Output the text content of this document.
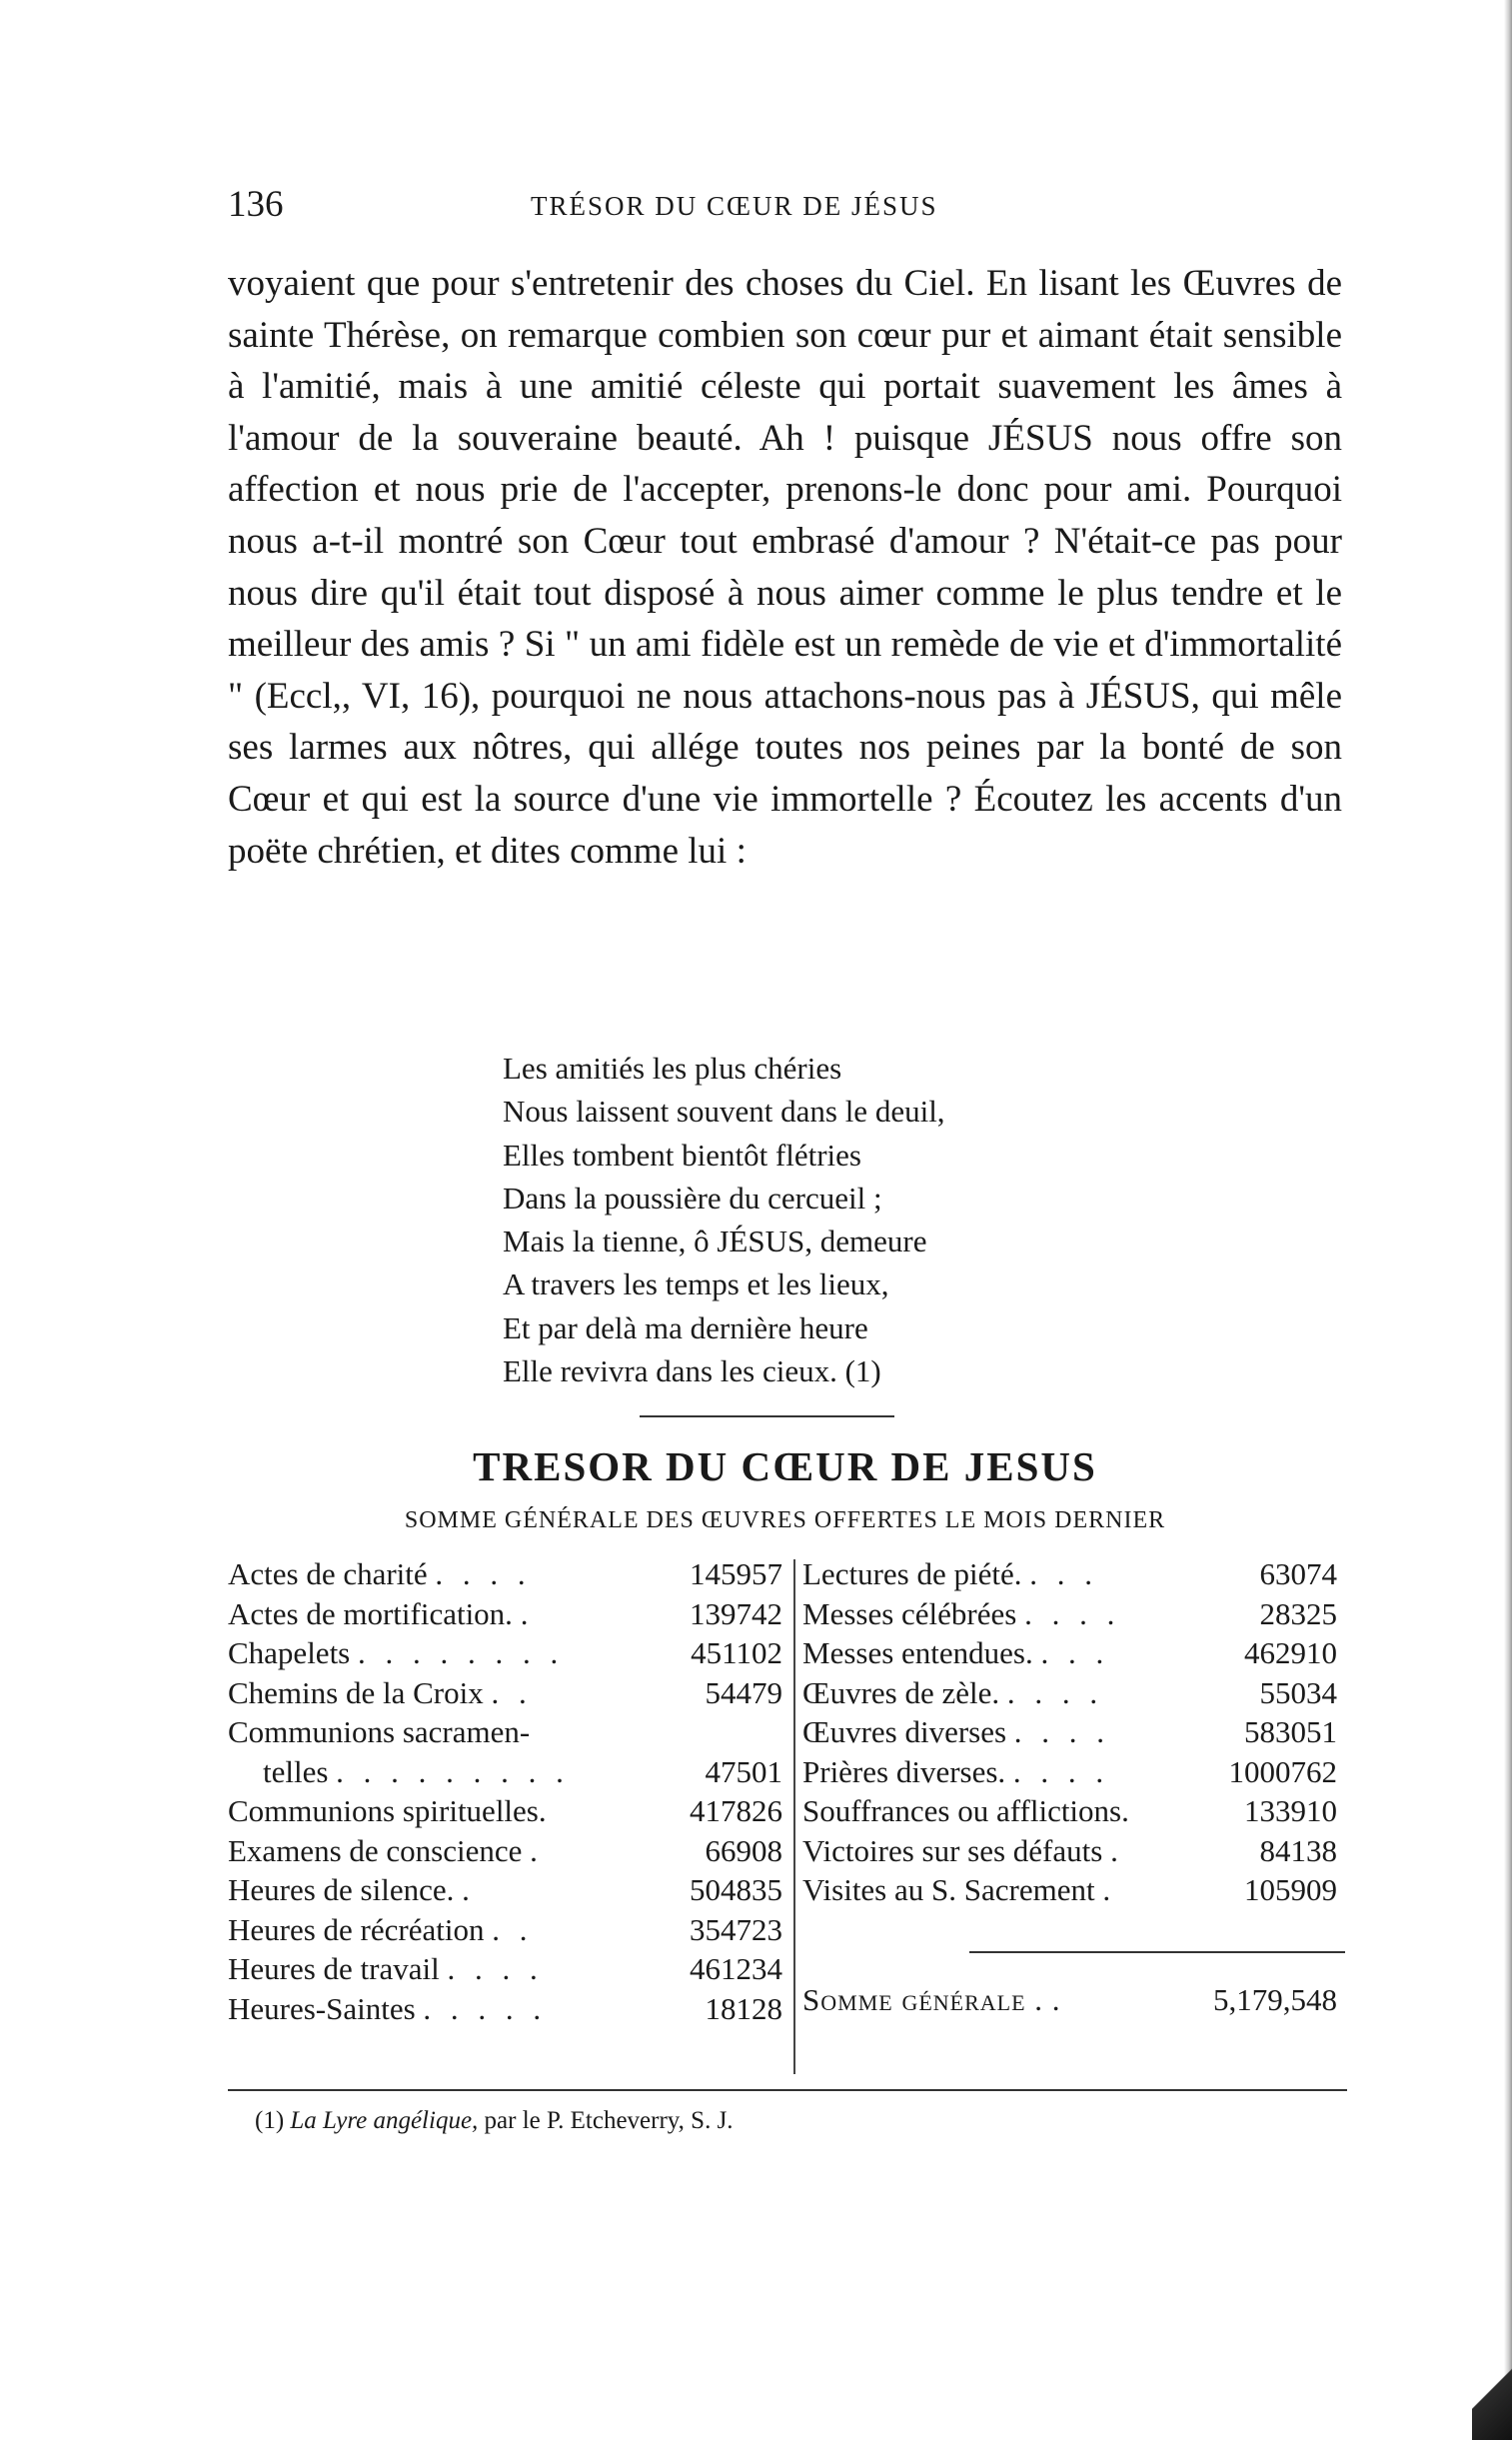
136	TRÉSOR DU CŒUR DE JÉSUS

voyaient que pour s'entretenir des choses du Ciel. En lisant les Œuvres de sainte Thérèse, on remarque combien son cœur pur et aimant était sensible à l'amitié, mais à une amitié céleste qui portait suavement les âmes à l'amour de la souveraine beauté. Ah ! puisque JÉSUS nous offre son affection et nous prie de l'accepter, prenons-le donc pour ami. Pourquoi nous a-t-il montré son Cœur tout embrasé d'amour ? N'était-ce pas pour nous dire qu'il était tout disposé à nous aimer comme le plus tendre et le meilleur des amis ? Si " un ami fidèle est un remède de vie et d'immortalité " (Eccl,, VI, 16), pourquoi ne nous attachons-nous pas à JÉSUS, qui mêle ses larmes aux nôtres, qui allége toutes nos peines par la bonté de son Cœur et qui est la source d'une vie immortelle ? Écoutez les accents d'un poëte chrétien, et dites comme lui :

Les amitiés les plus chéries
Nous laissent souvent dans le deuil,
Elles tombent bientôt flétries
Dans la poussière du cercueil ;
Mais la tienne, ô JÉSUS, demeure
A travers les temps et les lieux,
Et par delà ma dernière heure
Elle revivra dans les cieux. (1)
TRESOR DU CŒUR DE JESUS
SOMME GÉNÉRALE DES ŒUVRES OFFERTES LE MOIS DERNIER
Actes de charité . . . .	145957
Actes de mortification. .	139742
Chapelets . . . . . . . .	451102
Chemins de la Croix . .	54479
Communions sacramen-
telles . . . . . . . . .	47501
Communions spirituelles.	417826
Examens de conscience .	66908
Heures de silence. .	504835
Heures de récréation . .	354723
Heures de travail . . . .	461234
Heures-Saintes . . . . .	18128
Lectures de piété. . . .	63074
Messes célébrées . . . .	28325
Messes entendues. . . .	462910
Œuvres de zèle. . . . .	55034
Œuvres diverses . . . .	583051
Prières diverses. . . . .	1000762
Souffrances ou afflictions.	133910
Victoires sur ses défauts .	84138
Visites au S. Sacrement .	105909
Somme générale . .	5,179,548
(1) La Lyre angélique, par le P. Etcheverry, S. J.
